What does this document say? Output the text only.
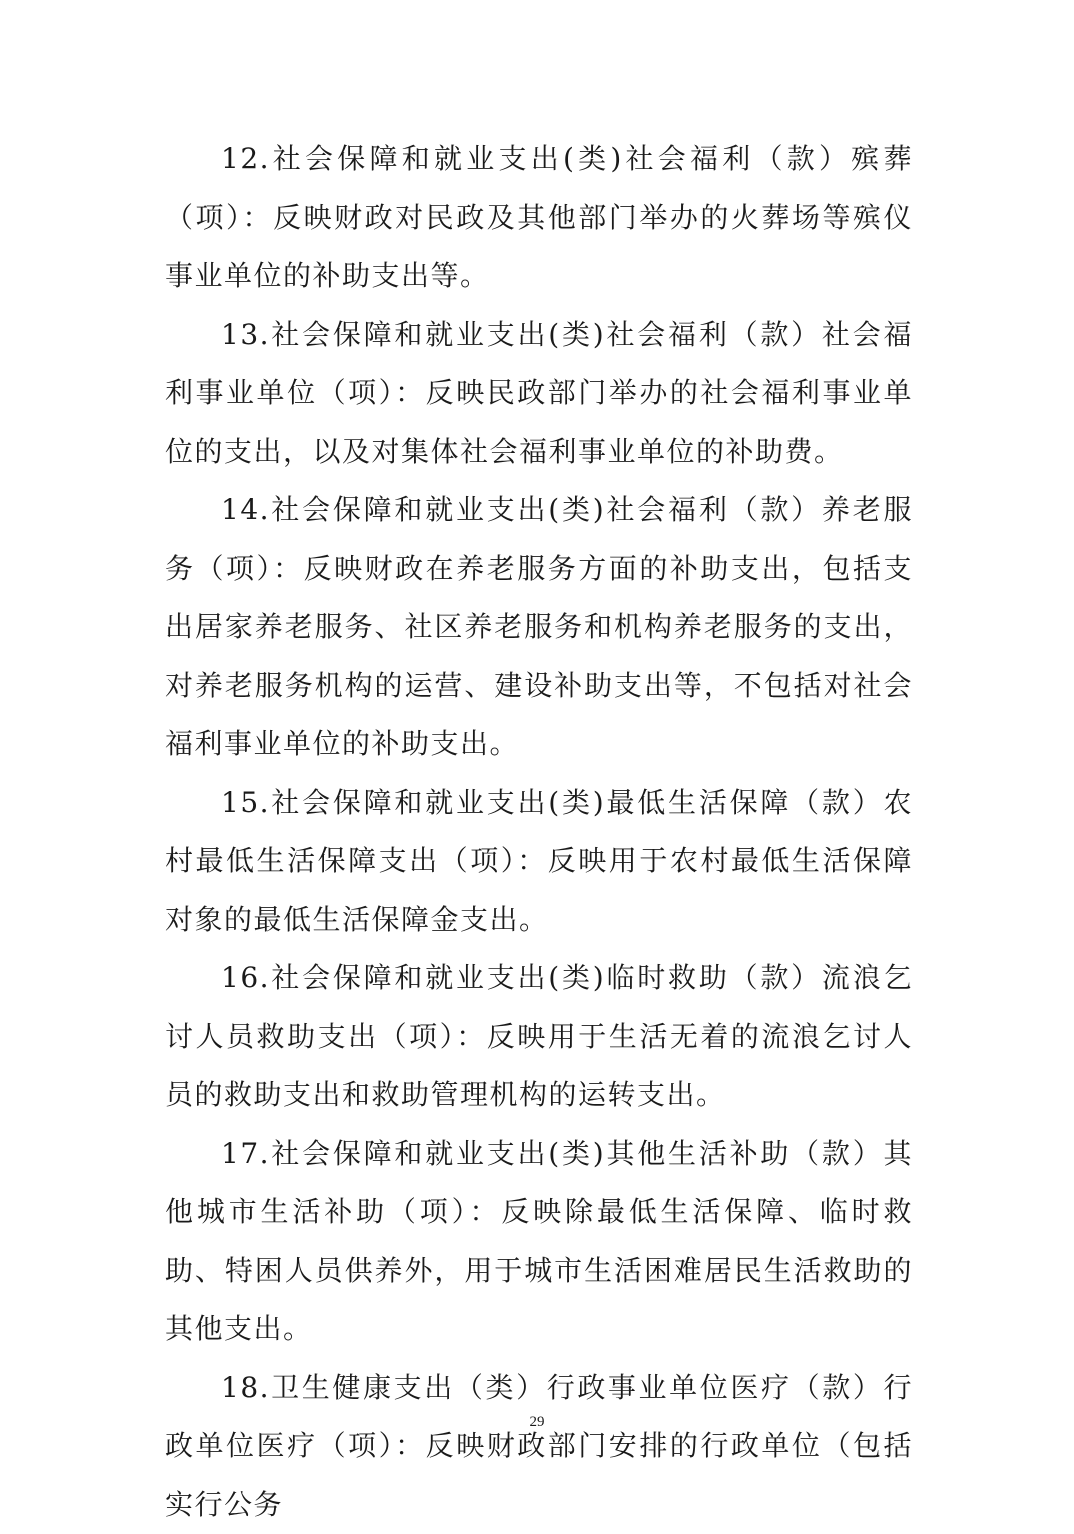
12.社会保障和就业支出(类)社会福利（款）殡葬（项）：反映财政对民政及其他部门举办的火葬场等殡仪事业单位的补助支出等。

13.社会保障和就业支出(类)社会福利（款）社会福利事业单位（项）：反映民政部门举办的社会福利事业单位的支出，以及对集体社会福利事业单位的补助费。

14.社会保障和就业支出(类)社会福利（款）养老服务（项）：反映财政在养老服务方面的补助支出，包括支出居家养老服务、社区养老服务和机构养老服务的支出，对养老服务机构的运营、建设补助支出等，不包括对社会福利事业单位的补助支出。

15.社会保障和就业支出(类)最低生活保障（款）农村最低生活保障支出（项）：反映用于农村最低生活保障对象的最低生活保障金支出。

16.社会保障和就业支出(类)临时救助（款）流浪乞讨人员救助支出（项）：反映用于生活无着的流浪乞讨人员的救助支出和救助管理机构的运转支出。

17.社会保障和就业支出(类)其他生活补助（款）其他城市生活补助（项）：反映除最低生活保障、临时救助、特困人员供养外，用于城市生活困难居民生活救助的其他支出。

18.卫生健康支出（类）行政事业单位医疗（款）行政单位医疗（项）：反映财政部门安排的行政单位（包括实行公务

29
